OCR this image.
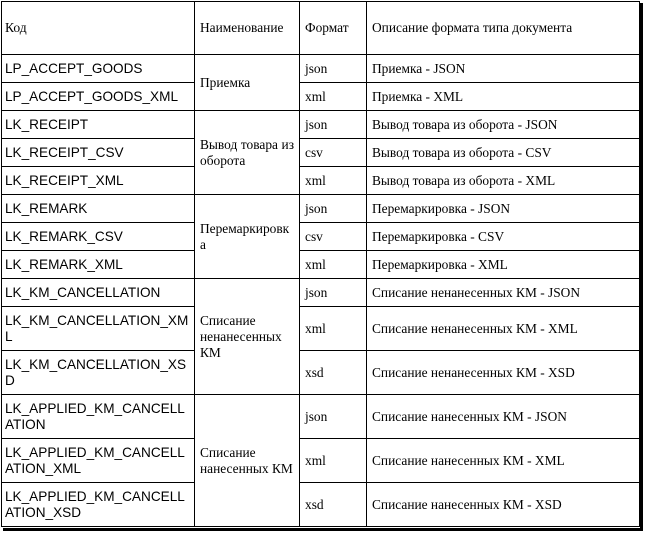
Код	Наименование	Формат	Описание формата типа документа
LP_ACCEPT_GOODS	Приемка	json	Приемка - JSON
LP_ACCEPT_GOODS_XML		xml	Приемка - XML
LK_RECEIPT	Вывод товара из оборота	json	Вывод товара из оборота - JSON
LK_RECEIPT_CSV		csv	Вывод товара из оборота - CSV
LK_RECEIPT_XML		xml	Вывод товара из оборота - XML
LK_REMARK	Перемаркировка	json	Перемаркировка - JSON
LK_REMARK_CSV		csv	Перемаркировка - CSV
LK_REMARK_XML		xml	Перемаркировка - XML
LK_KM_CANCELLATION	Списание ненанесенных КМ	json	Списание ненанесенных КМ - JSON
LK_KM_CANCELLATION_XML		xml	Списание ненанесенных КМ - XML
LK_KM_CANCELLATION_XSD		xsd	Списание ненанесенных КМ - XSD
LK_APPLIED_KM_CANCELLATION	Списание нанесенных КМ	json	Списание нанесенных КМ - JSON
LK_APPLIED_KM_CANCELLATION_XML		xml	Списание нанесенных КМ - XML
LK_APPLIED_KM_CANCELLATION_XSD		xsd	Списание нанесенных КМ - XSD
